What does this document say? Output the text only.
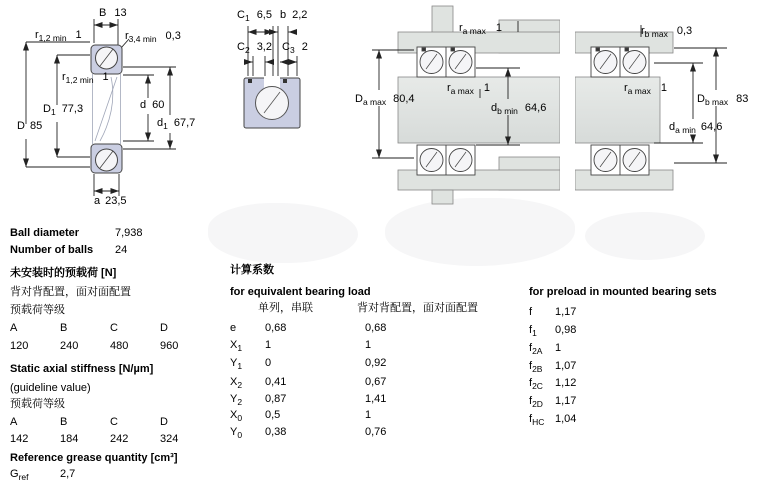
B 13
$r_{1,2 min}$ 1	$r_{3,4 min}$ 0,3
$r_{1,2 min}$ 1
$D_1$ 77,3
D 85
d 60
$d_1$ 67,7
a 23,5
$C_1$ 6,5 b 2,2
$C_2$ 3,2 $C_3$ 2
$r_{a max}$ 1
$r_{a max}$ 1
$D_{a max}$ 80,4
$d_{b min}$ 64,6
$r_{b max}$ 0,3
$r_{a max}$ 1
$D_{b max}$ 83
$d_{a min}$ 64,6
Ball diameter	7,938
Number of balls 24
未安装时的预载荷 [N]
背对背配置，面对面配置
预载荷等级
A	B	C	D
120	240	480	960
Static axial stiffness [N/µm]
(guideline value)
预载荷等级
A	B	C	D
142	184	242	324
Reference grease quantity [cm³]
$G_{ref}$	2,7
计算系数
for equivalent bearing load
单列，串联	背对背配置，面对面配置
e	0,68	0,68
$X_1$ 1	1
$Y_1$ 0	0,92
$X_2$ 0,41	0,67
$Y_2$ 0,87	1,41
$X_0$ 0,5	1
$Y_0$ 0,38	0,76
for preload in mounted bearing sets
f 1,17
$f_1$ 0,98
$f_{2A}$ 1
$f_{2B}$ 1,07
$f_{2C}$ 1,12
$f_{2D}$ 1,17
$f_{HC}$ 1,04
